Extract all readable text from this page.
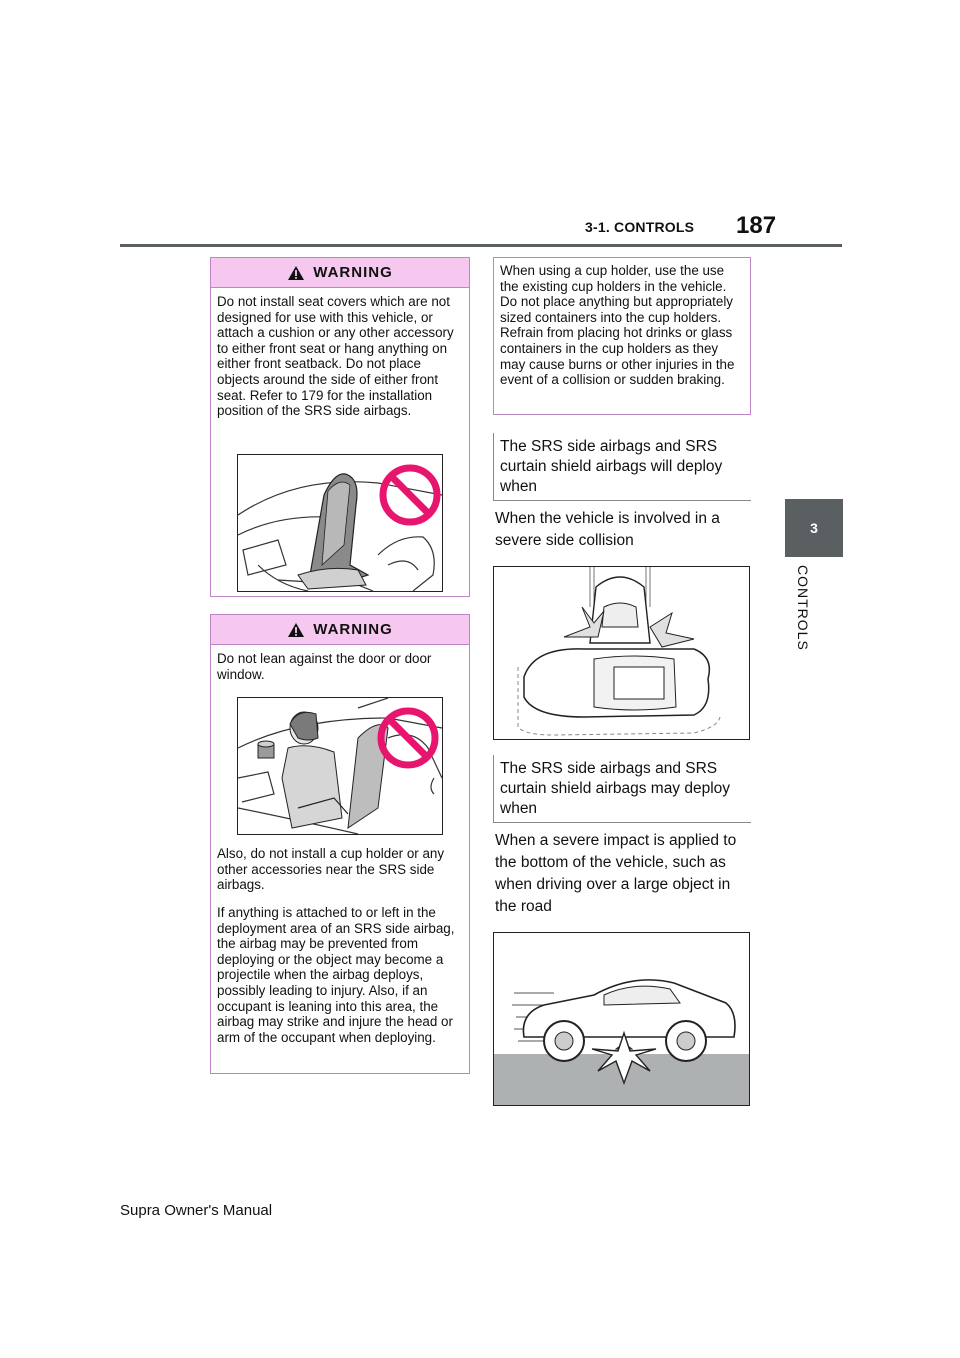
3-1. CONTROLS 187
3
CONTROLS
WARNING

Do not install seat covers which are not designed for use with this vehicle, or attach a cushion or any other accessory to either front seat or hang anything on either front seatback. Do not place objects around the side of either front seat. Refer to 179 for the installation position of the SRS side airbags.

WARNING

Do not lean against the door or door window.

Also, do not install a cup holder or any other accessories near the SRS side airbags.

If anything is attached to or left in the deployment area of an SRS side airbag, the airbag may be prevented from deploying or the object may become a projectile when the airbag deploys, possibly leading to injury. Also, if an occupant is leaning into this area, the airbag may strike and injure the head or arm of the occupant when deploying.

When using a cup holder, use the use the existing cup holders in the vehicle. Do not place anything but appropriately sized containers into the cup holders. Refrain from placing hot drinks or glass containers in the cup holders as they may cause burns or other injuries in the event of a collision or sudden braking.

The SRS side airbags and SRS curtain shield airbags will deploy when

When the vehicle is involved in a severe side collision

The SRS side airbags and SRS curtain shield airbags may deploy when

When a severe impact is applied to the bottom of the vehicle, such as when driving over a large object in the road

Supra Owner's Manual
